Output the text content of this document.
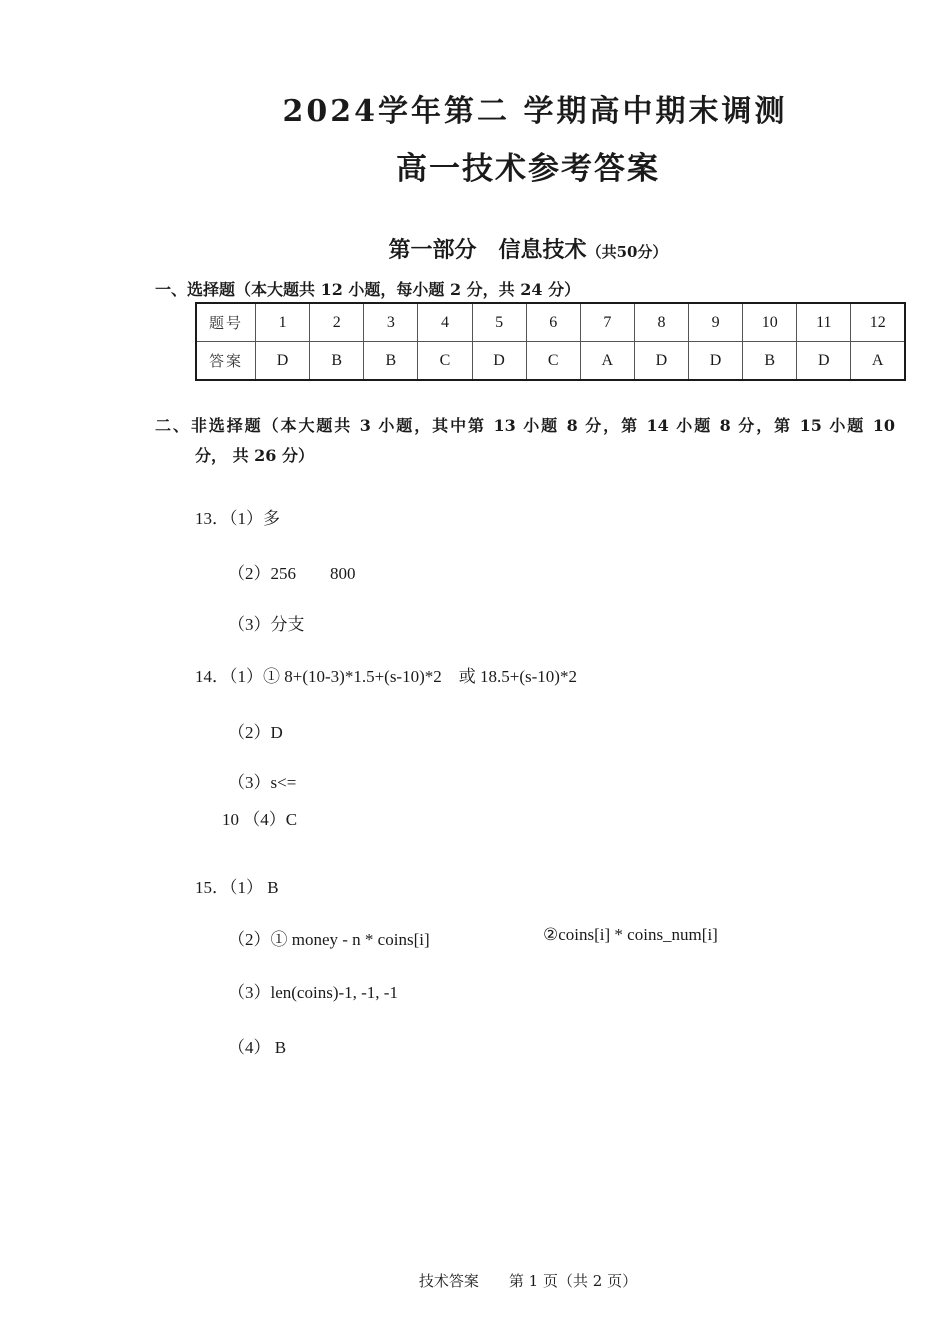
2024学年第二 学期高中期末调测
高一技术参考答案
第一部分　信息技术（共50分）
一、选择题（本大题共 12 小题，每小题 2 分，共 24 分）
题号	1	2	3	4	5	6	7	8	9	10	11	12
答案	D	B	B	C	D	C	A	D	D	B	D	A
二、非选择题（本大题共 3 小题，其中第 13 小题 8 分，第 14 小题 8 分，第 15 小题 10
分， 共 26 分）
13．（1）多
（2）256　　800
（3）分支
14．（1）① 8+(10-3)*1.5+(s-10)*2　或 18.5+(s-10)*2
（2）D
（3）s<=
10 （4）C
15．（1） B
（2）① money - n * coins[i]	②coins[i] * coins_num[i]
（3）len(coins)-1, -1, -1
（4） B
技术答案　　第 1 页（共 2 页）
